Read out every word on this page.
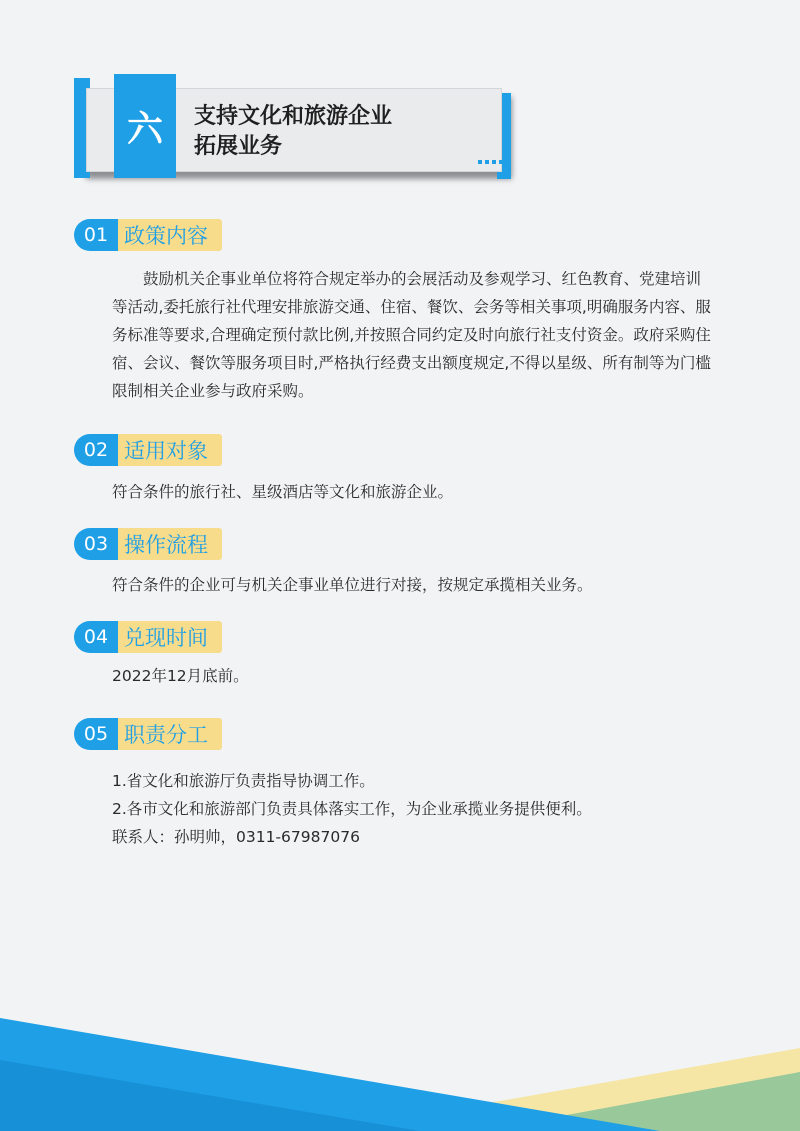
六	支持文化和旅游企业
拓展业务
01 政策内容
鼓励机关企事业单位将符合规定举办的会展活动及参观学习、红色教育、党建培训
等活动,委托旅行社代理安排旅游交通、住宿、餐饮、会务等相关事项,明确服务内容、服
务标准等要求,合理确定预付款比例,并按照合同约定及时向旅行社支付资金。政府采购住
宿、会议、餐饮等服务项目时,严格执行经费支出额度规定,不得以星级、所有制等为门槛
限制相关企业参与政府采购。
02 适用对象
符合条件的旅行社、星级酒店等文化和旅游企业。
03 操作流程
符合条件的企业可与机关企事业单位进行对接，按规定承揽相关业务。
04 兑现时间
2022年12月底前。
05 职责分工
1.省文化和旅游厅负责指导协调工作。
2.各市文化和旅游部门负责具体落实工作，为企业承揽业务提供便利。
联系人：孙明帅，0311-67987076
